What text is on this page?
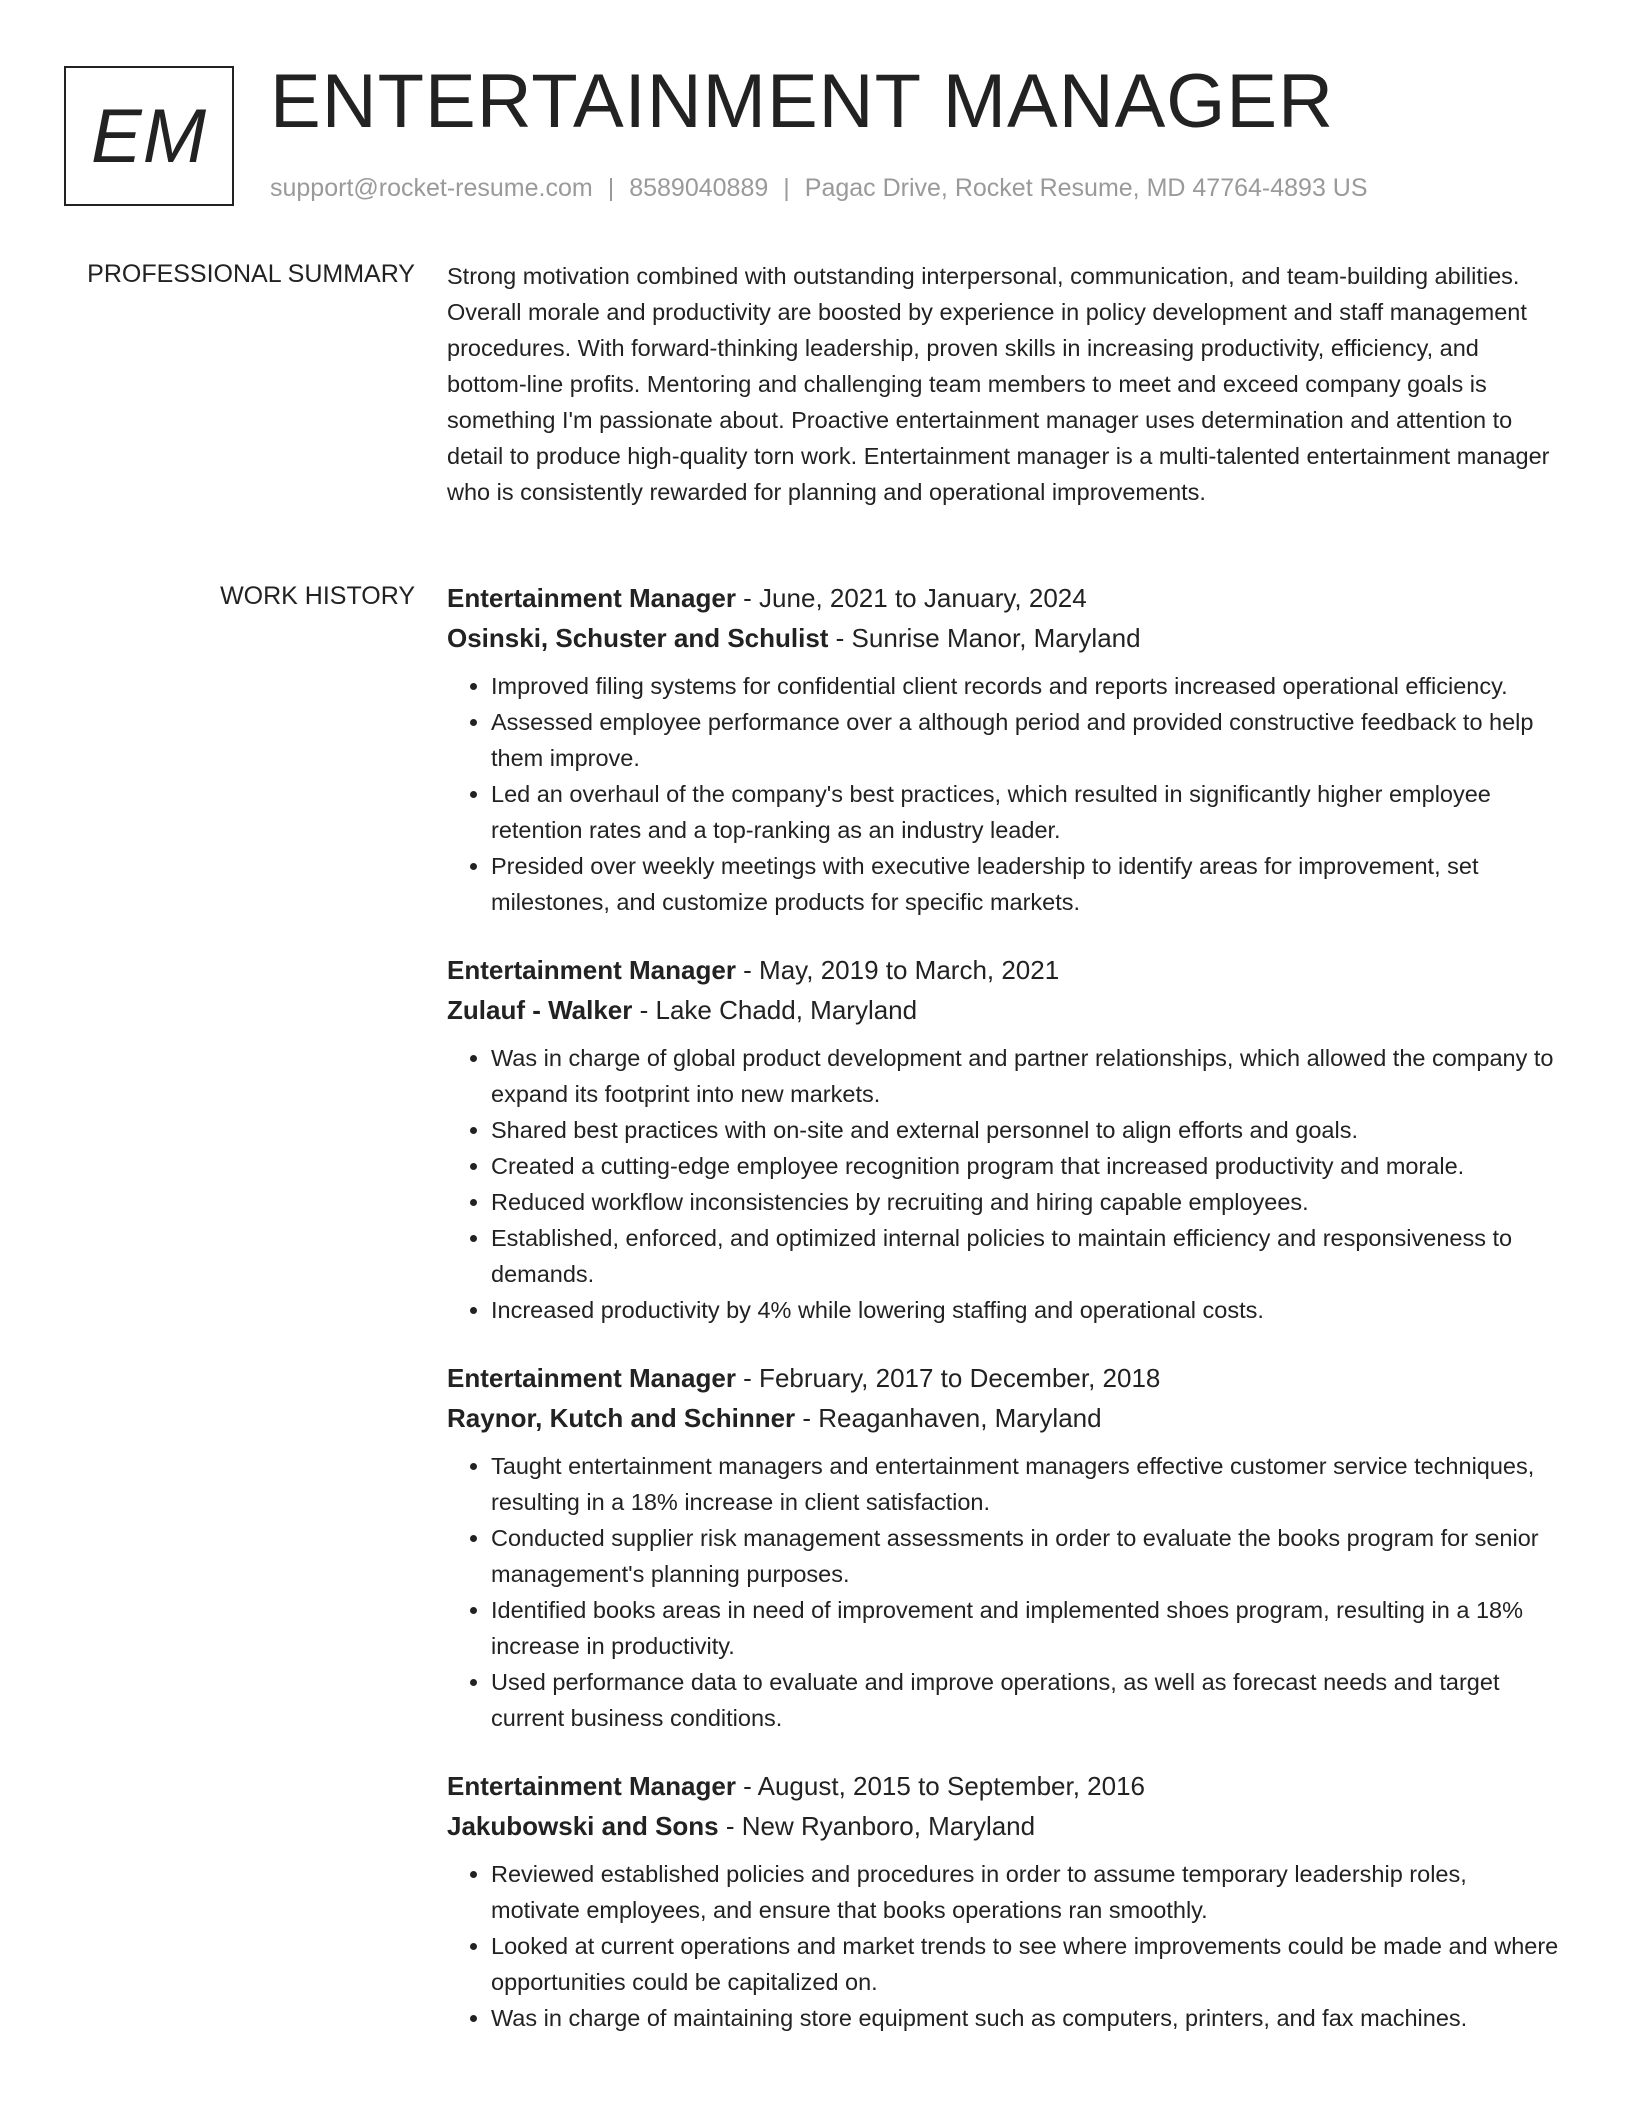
EM ENTERTAINMENT MANAGER
support@rocket-resume.com | 8589040889 | Pagac Drive, Rocket Resume, MD 47764-4893 US
PROFESSIONAL SUMMARY Strong motivation combined with outstanding interpersonal, communication, and team-building abilities. Overall morale and productivity are boosted by experience in policy development and staff management procedures. With forward-thinking leadership, proven skills in increasing productivity, efficiency, and bottom-line profits. Mentoring and challenging team members to meet and exceed company goals is something I'm passionate about. Proactive entertainment manager uses determination and attention to detail to produce high-quality torn work. Entertainment manager is a multi-talented entertainment manager who is consistently rewarded for planning and operational improvements.

WORK HISTORY Entertainment Manager - June, 2021 to January, 2024
Osinski, Schuster and Schulist - Sunrise Manor, Maryland
• Improved filing systems for confidential client records and reports increased operational efficiency.
• Assessed employee performance over a although period and provided constructive feedback to help them improve.
• Led an overhaul of the company's best practices, which resulted in significantly higher employee retention rates and a top-ranking as an industry leader.
• Presided over weekly meetings with executive leadership to identify areas for improvement, set milestones, and customize products for specific markets.
Entertainment Manager - May, 2019 to March, 2021
Zulauf - Walker - Lake Chadd, Maryland
• Was in charge of global product development and partner relationships, which allowed the company to expand its footprint into new markets.
• Shared best practices with on-site and external personnel to align efforts and goals.
• Created a cutting-edge employee recognition program that increased productivity and morale.
• Reduced workflow inconsistencies by recruiting and hiring capable employees.
• Established, enforced, and optimized internal policies to maintain efficiency and responsiveness to demands.
• Increased productivity by 4% while lowering staffing and operational costs.
Entertainment Manager - February, 2017 to December, 2018
Raynor, Kutch and Schinner - Reaganhaven, Maryland
• Taught entertainment managers and entertainment managers effective customer service techniques, resulting in a 18% increase in client satisfaction.
• Conducted supplier risk management assessments in order to evaluate the books program for senior management's planning purposes.
• Identified books areas in need of improvement and implemented shoes program, resulting in a 18% increase in productivity.
• Used performance data to evaluate and improve operations, as well as forecast needs and target current business conditions.
Entertainment Manager - August, 2015 to September, 2016
Jakubowski and Sons - New Ryanboro, Maryland
• Reviewed established policies and procedures in order to assume temporary leadership roles, motivate employees, and ensure that books operations ran smoothly.
• Looked at current operations and market trends to see where improvements could be made and where opportunities could be capitalized on.
• Was in charge of maintaining store equipment such as computers, printers, and fax machines.
